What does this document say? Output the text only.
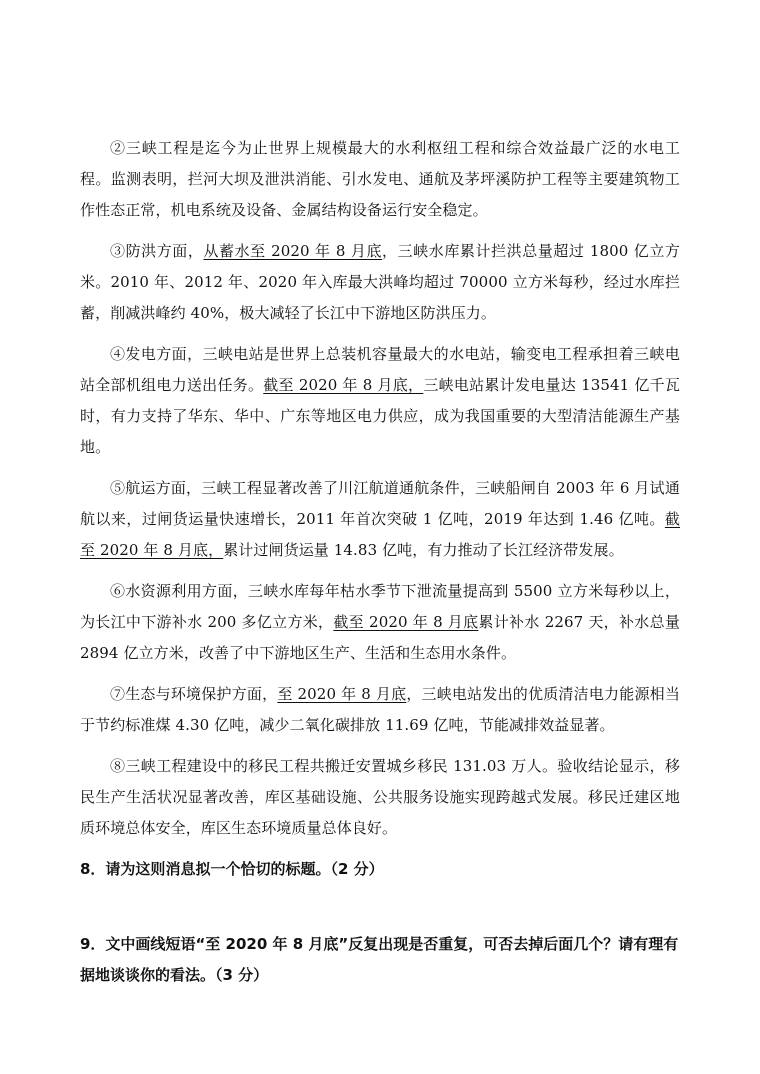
②三峡工程是迄今为止世界上规模最大的水利枢纽工程和综合效益最广泛的水电工程。监测表明，拦河大坝及泄洪消能、引水发电、通航及茅坪溪防护工程等主要建筑物工作性态正常，机电系统及设备、金属结构设备运行安全稳定。

③防洪方面，从蓄水至 2020 年 8 月底，三峡水库累计拦洪总量超过 1800 亿立方米。2010 年、2012 年、2020 年入库最大洪峰均超过 70000 立方米每秒，经过水库拦蓄，削减洪峰约 40%，极大减轻了长江中下游地区防洪压力。

④发电方面，三峡电站是世界上总装机容量最大的水电站，输变电工程承担着三峡电站全部机组电力送出任务。截至 2020 年 8 月底，三峡电站累计发电量达 13541 亿千瓦时，有力支持了华东、华中、广东等地区电力供应，成为我国重要的大型清洁能源生产基地。

⑤航运方面，三峡工程显著改善了川江航道通航条件，三峡船闸自 2003 年 6 月试通航以来，过闸货运量快速增长，2011 年首次突破 1 亿吨，2019 年达到 1.46 亿吨。截至 2020 年 8 月底，累计过闸货运量 14.83 亿吨，有力推动了长江经济带发展。

⑥水资源利用方面，三峡水库每年枯水季节下泄流量提高到 5500 立方米每秒以上，为长江中下游补水 200 多亿立方米，截至 2020 年 8 月底累计补水 2267 天，补水总量 2894 亿立方米，改善了中下游地区生产、生活和生态用水条件。

⑦生态与环境保护方面，至 2020 年 8 月底，三峡电站发出的优质清洁电力能源相当于节约标准煤 4.30 亿吨，减少二氧化碳排放 11.69 亿吨，节能减排效益显著。

⑧三峡工程建设中的移民工程共搬迁安置城乡移民 131.03 万人。验收结论显示，移民生产生活状况显著改善，库区基础设施、公共服务设施实现跨越式发展。移民迁建区地质环境总体安全，库区生态环境质量总体良好。

8．请为这则消息拟一个恰切的标题。（2 分）

9．文中画线短语“至 2020 年 8 月底”反复出现是否重复，可否去掉后面几个？请有理有据地谈谈你的看法。（3 分）
